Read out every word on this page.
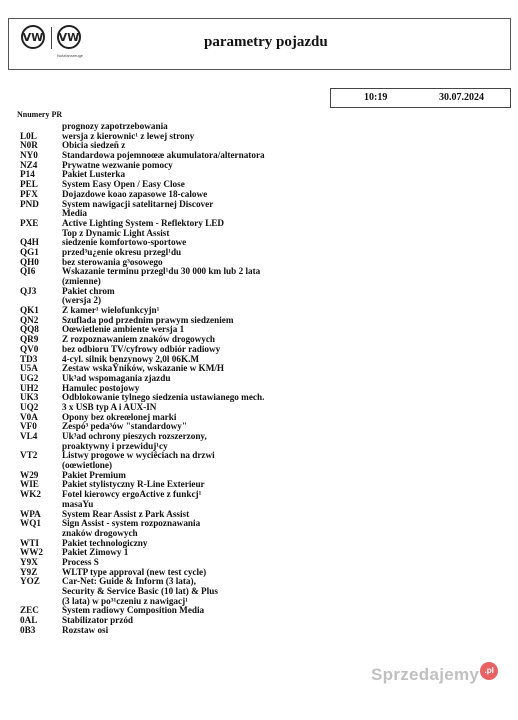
VW VW
Nutzfahrzeuge
parametry pojazdu
10:19	30.07.2024
Nnumery PR
prognozy zapotrzebowania
L0L	wersja z kierownic¹ z lewej strony
N0R	Obicia siedzeñ z
NY0	Standardowa pojemnoœæ akumulatora/alternatora
NZ4	Prywatne wezwanie pomocy
P14	Pakiet Lusterka
PEL	System Easy Open / Easy Close
PFX	Dojazdowe koao zapasowe 18-calowe
PND	System nawigacji satelitarnej Discover
Media
PXE	Active Lighting System - Reflektory LED
Top z Dynamic Light Assist
Q4H	siedzenie komfortowo-sportowe
QG1	przed³u¿enie okresu przegl¹du
QH0	bez sterowania g³osowego
QI6	Wskazanie terminu przegl¹du 30 000 km lub 2 lata
(zmienne)
QJ3	Pakiet chrom
(wersja 2)
QK1	Z kamer¹ wielofunkcyjn¹
QN2	Szuflada pod przednim prawym siedzeniem
QQ8	Oœwietlenie ambiente wersja 1
QR9	Z rozpoznawaniem znaków drogowych
QV0	bez odbioru TV/cyfrowy odbiór radiowy
TD3	4-cyl. silnik benzynowy 2,0l 06K.M
U5A	Zestaw wskaŸników, wskazanie w KM/H
UG2	Uk³ad wspomagania zjazdu
UH2	Hamulec postojowy
UK3	Odblokowanie tylnego siedzenia ustawianego mech.
UQ2	3 x USB typ A i AUX-IN
V0A	Opony bez okreœlonej marki
VF0	Zespó³ peda³ów "standardowy"
VL4	Uk³ad ochrony pieszych rozszerzony,
proaktywny i przewiduj¹cy
VT2	Listwy progowe w wyciêciach na drzwi
(oœwietlone)
W29	Pakiet Premium
WIE	Pakiet stylistyczny R-Line Exterieur
WK2	Fotel kierowcy ergoActive z funkcj¹
masaYu
WPA	System Rear Assist z Park Assist
WQ1	Sign Assist - system rozpoznawania
znaków drogowych
WTI	Pakiet technologiczny
WW2	Pakiet Zimowy 1
Y9X	Process S
Y9Z	WLTP type approval (new test cycle)
YOZ	Car-Net: Guide & Inform (3 lata),
Security & Service Basic (10 lat) & Plus
(3 lata) w po³¹czeniu z nawigacj¹
ZEC	System radiowy Composition Media
0AL	Stabilizator przód
0B3	Rozstaw osi
Sprzedajemy .pl
